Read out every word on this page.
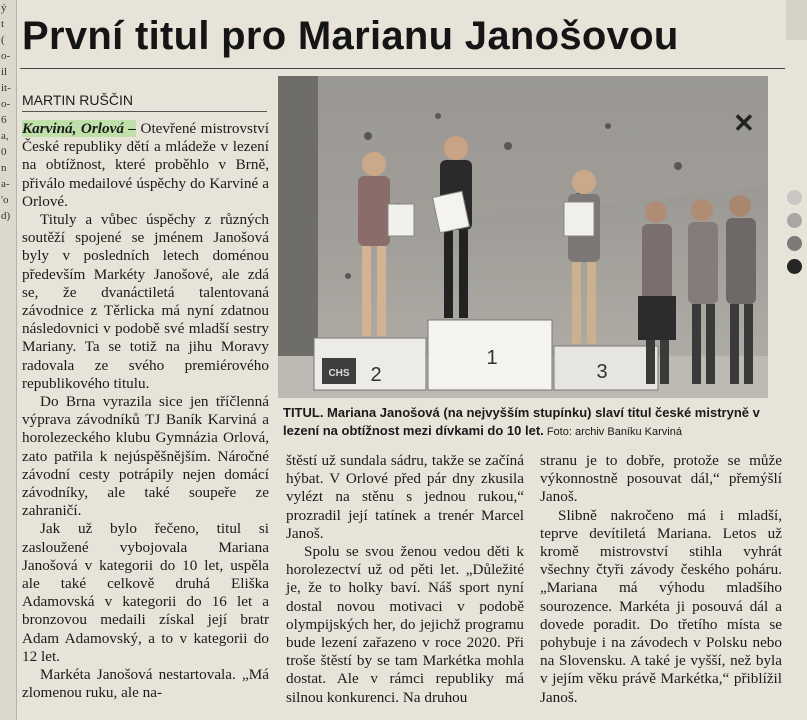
ý
t
(
o-
il
it-
o-
6
a,
0
n
a-
'o
d)
První titul pro Marianu Janošovou
MARTIN RUŠČIN

Karviná, Orlová – Otevřené mistrovství České republiky dětí a mládeže v lezení na obtížnost, které proběhlo v Brně, přiválo medailové úspěchy do Karviné a Orlové.

Tituly a vůbec úspěchy z různých soutěží spojené se jménem Janošová byly v posledních letech doménou především Markéty Janošové, ale zdá se, že dvanáctiletá talentovaná závodnice z Těrlicka má nyní zdatnou následovnici v podobě své mladší sestry Mariany. Ta se totiž na jihu Moravy radovala ze svého premiérového republikového titulu.

Do Brna vyrazila sice jen tříčlenná výprava závodníků TJ Baník Karviná a horolezeckého klubu Gymnázia Orlová, zato patřila k nejúspěšnějším. Náročné závodní cesty potrápily nejen domácí závodníky, ale také soupeře ze zahraničí.

Jak už bylo řečeno, titul si zasloužené vybojovala Mariana Janošová v kategorii do 10 let, uspěla ale také celkově druhá Eliška Adamovská v kategorii do 16 let a bronzovou medaili získal její bratr Adam Adamovský, a to v kategorii do 12 let.

Markéta Janošová nestartovala. „Má zlomenou ruku, ale na-

✕
CHS 2
1
3
TITUL. Mariana Janošová (na nejvyšším stupínku) slaví titul české mistryně v lezení na obtížnost mezi dívkami do 10 let. Foto: archiv Baníku Karviná

štěstí už sundala sádru, takže se začíná hýbat. V Orlové před pár dny zkusila vylézt na stěnu s jednou rukou,“ prozradil její tatínek a trenér Marcel Janoš.

Spolu se svou ženou vedou děti k horolezectví už od pěti let. „Důležité je, že to holky baví. Náš sport nyní dostal novou motivaci v podobě olympijských her, do jejichž programu bude lezení zařazeno v roce 2020. Při troše štěstí by se tam Markétka mohla dostat. Ale v rámci republiky má silnou konkurenci. Na druhou

stranu je to dobře, protože se může výkonnostně posouvat dál,“ přemýšlí Janoš.

Slibně nakročeno má i mladší, teprve devítiletá Mariana. Letos už kromě mistrovství stihla vyhrát všechny čtyři závody českého poháru. „Mariana má výhodu mladšího sourozence. Markéta ji posouvá dál a dovede poradit. Do třetího místa se pohybuje i na závodech v Polsku nebo na Slovensku. A také je vyšší, než byla v jejím věku právě Markétka,“ přiblížil Janoš.
